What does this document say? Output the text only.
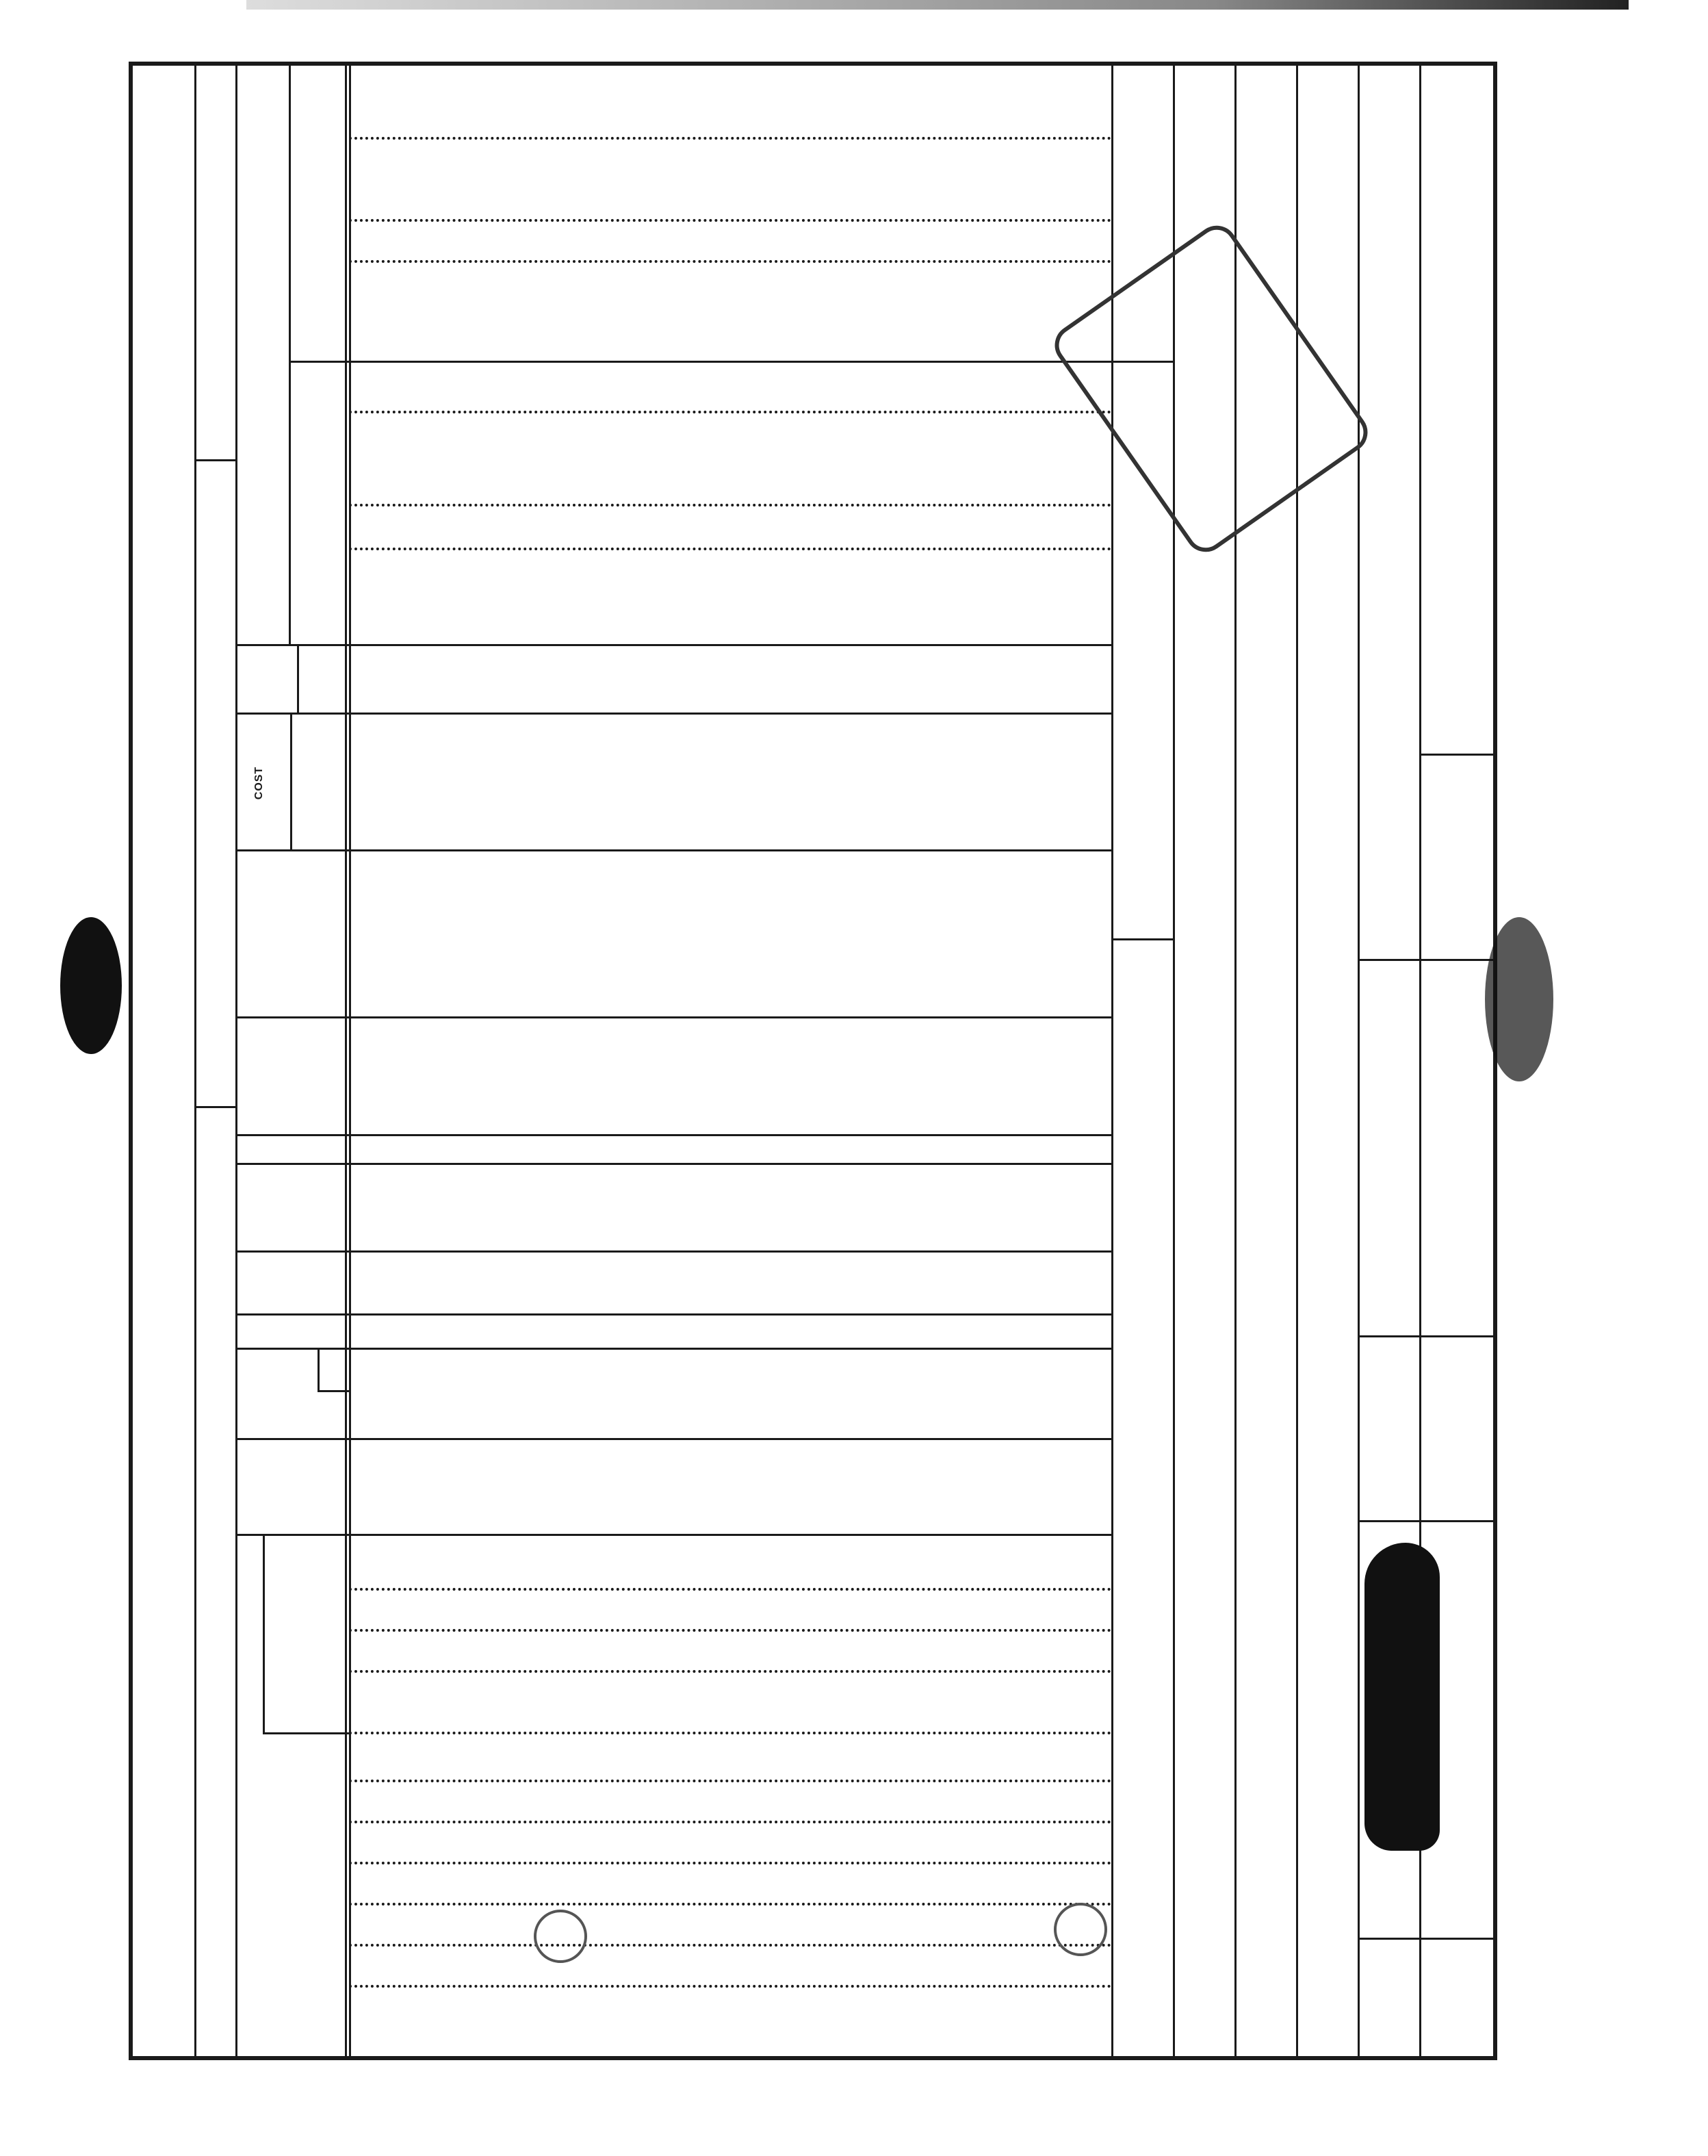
COST
